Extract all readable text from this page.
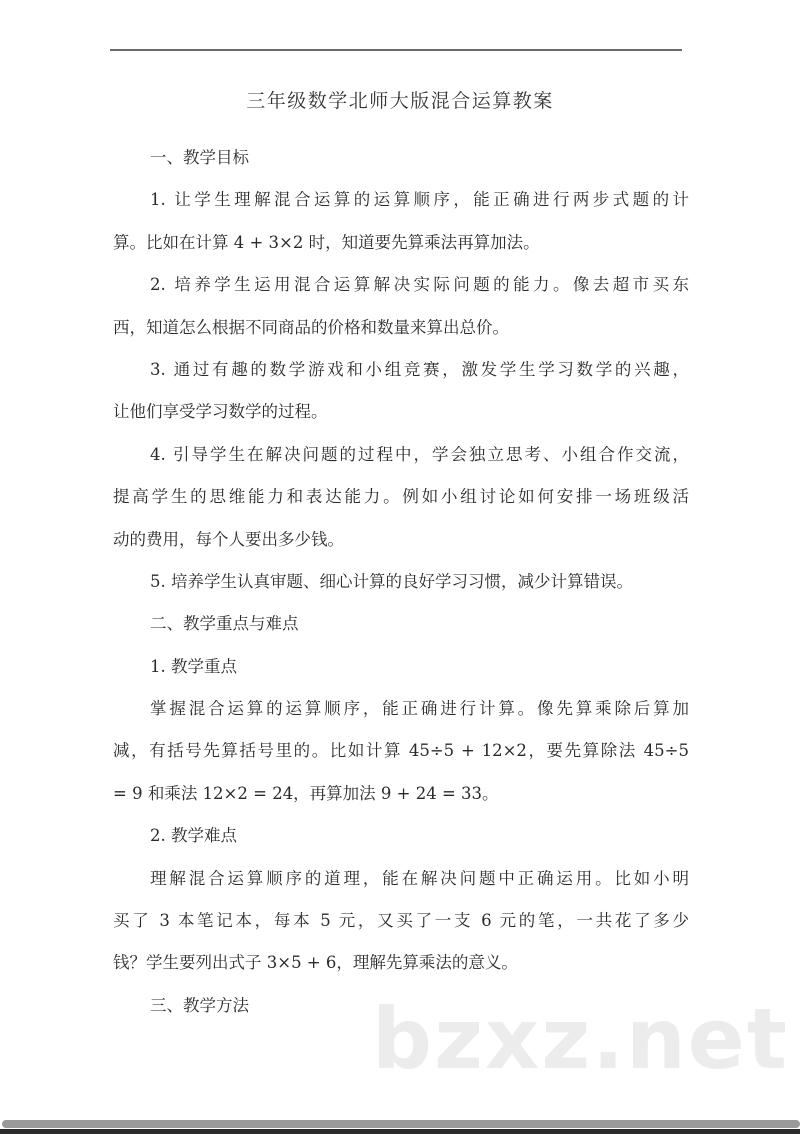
三年级数学北师大版混合运算教案
一、教学目标
1. 让学生理解混合运算的运算顺序，能正确进行两步式题的计
算。比如在计算 4 + 3×2 时，知道要先算乘法再算加法。
2. 培养学生运用混合运算解决实际问题的能力。像去超市买东
西，知道怎么根据不同商品的价格和数量来算出总价。
3. 通过有趣的数学游戏和小组竞赛，激发学生学习数学的兴趣，
让他们享受学习数学的过程。
4. 引导学生在解决问题的过程中，学会独立思考、小组合作交流，
提高学生的思维能力和表达能力。例如小组讨论如何安排一场班级活
动的费用，每个人要出多少钱。
5. 培养学生认真审题、细心计算的良好学习习惯，减少计算错误。
二、教学重点与难点
1. 教学重点
掌握混合运算的运算顺序，能正确进行计算。像先算乘除后算加
减，有括号先算括号里的。比如计算 45÷5 + 12×2，要先算除法 45÷5
= 9 和乘法 12×2 = 24，再算加法 9 + 24 = 33。
2. 教学难点
理解混合运算顺序的道理，能在解决问题中正确运用。比如小明
买了 3 本笔记本，每本 5 元，又买了一支 6 元的笔，一共花了多少
钱？学生要列出式子 3×5 + 6，理解先算乘法的意义。
三、教学方法	bzxz.net
